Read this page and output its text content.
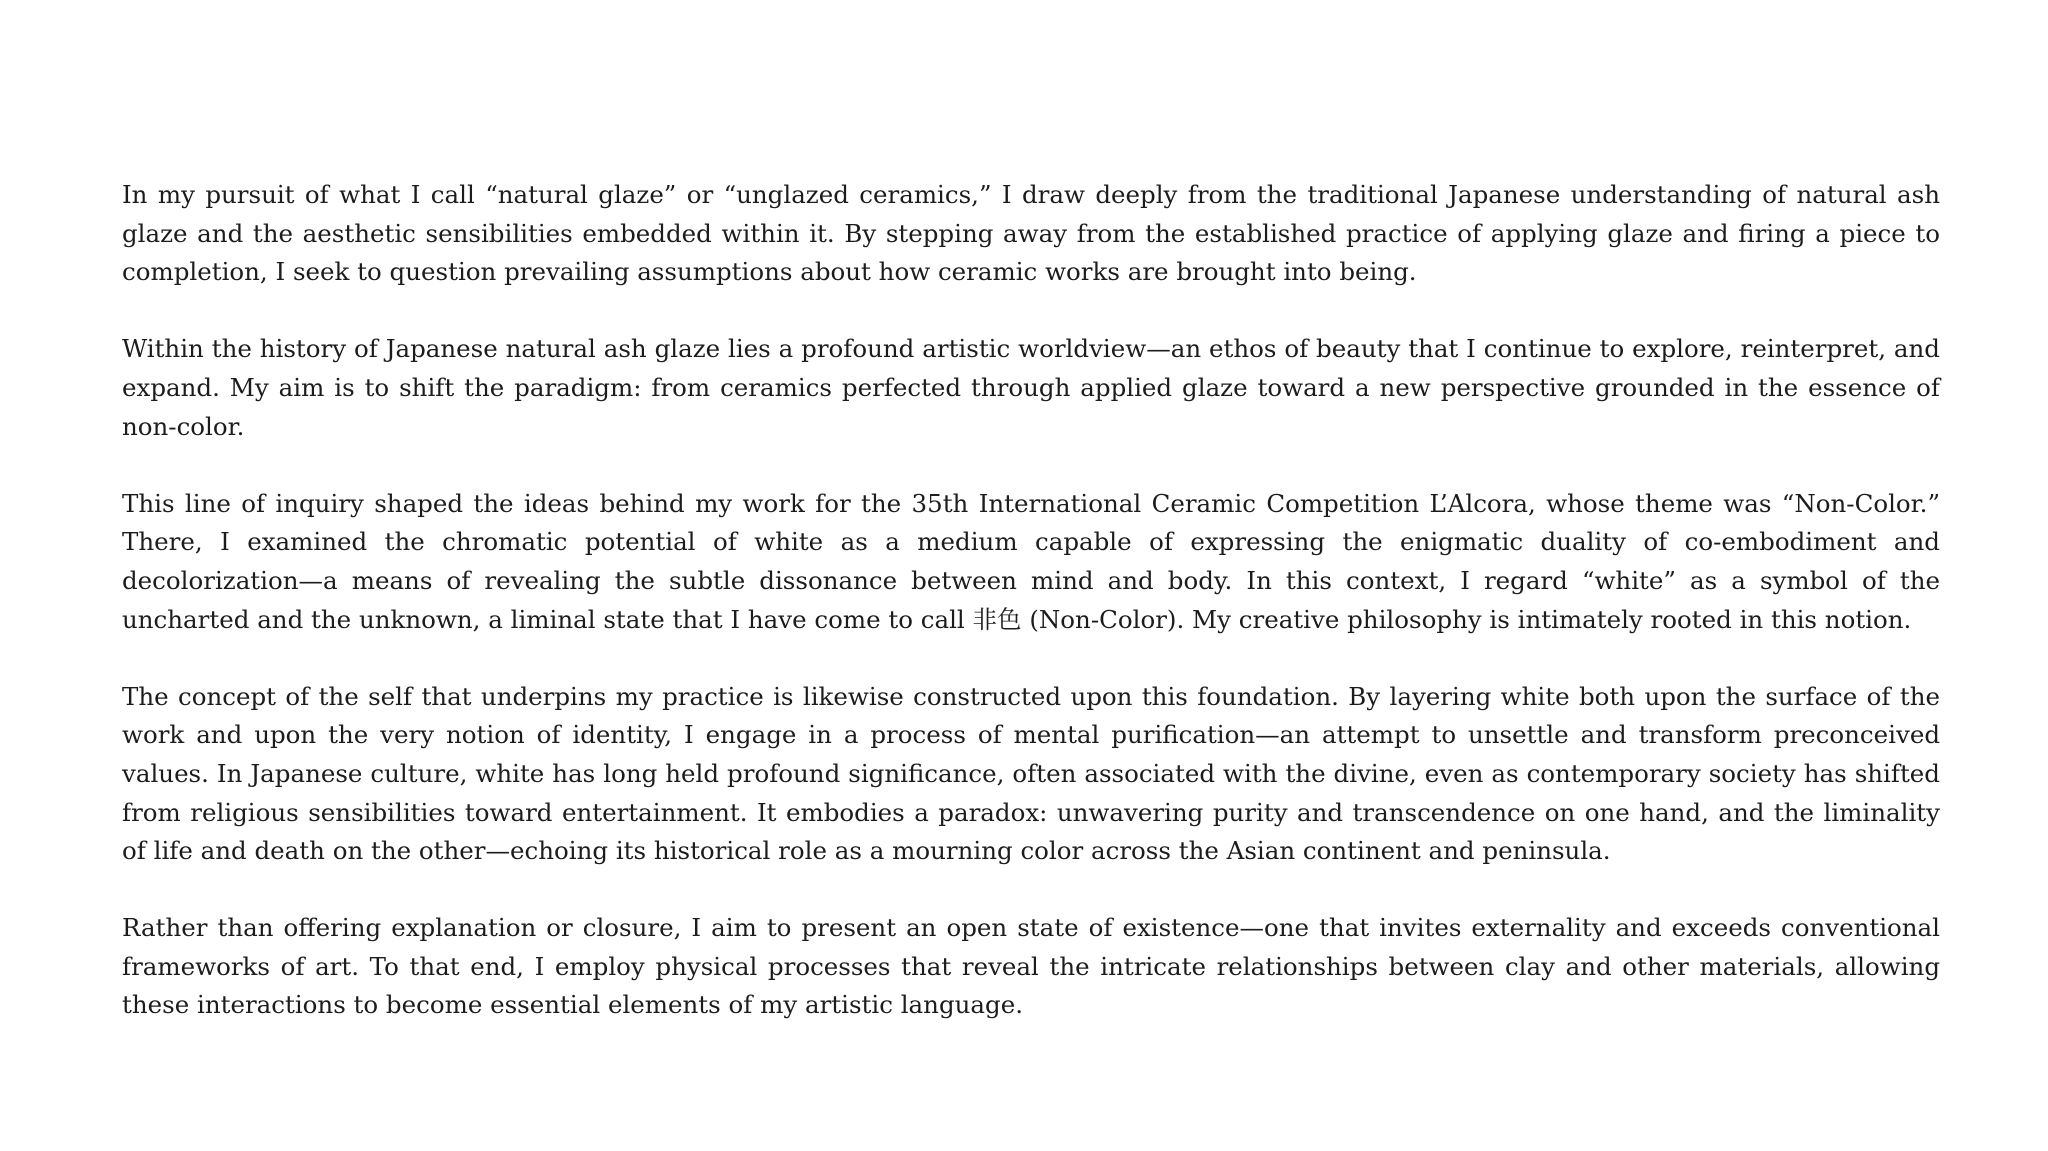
In my pursuit of what I call “natural glaze” or “unglazed ceramics,” I draw deeply from the traditional Japanese understanding of natural ash glaze and the aesthetic sensibilities embedded within it. By stepping away from the established practice of applying glaze and firing a piece to completion, I seek to question prevailing assumptions about how ceramic works are brought into being.

Within the history of Japanese natural ash glaze lies a profound artistic worldview—an ethos of beauty that I continue to explore, reinterpret, and expand. My aim is to shift the paradigm: from ceramics perfected through applied glaze toward a new perspective grounded in the essence of non-color.

This line of inquiry shaped the ideas behind my work for the 35th International Ceramic Competition L’Alcora, whose theme was “Non-Color.” There, I examined the chromatic potential of white as a medium capable of expressing the enigmatic duality of co-embodiment and decolorization—a means of revealing the subtle dissonance between mind and body. In this context, I regard “white” as a symbol of the uncharted and the unknown, a liminal state that I have come to call 非色 (Non-Color). My creative philosophy is intimately rooted in this notion.

The concept of the self that underpins my practice is likewise constructed upon this foundation. By layering white both upon the surface of the work and upon the very notion of identity, I engage in a process of mental purification—an attempt to unsettle and transform preconceived values. In Japanese culture, white has long held profound significance, often associated with the divine, even as contemporary society has shifted from religious sensibilities toward entertainment. It embodies a paradox: unwavering purity and transcendence on one hand, and the liminality of life and death on the other—echoing its historical role as a mourning color across the Asian continent and peninsula.

Rather than offering explanation or closure, I aim to present an open state of existence—one that invites externality and exceeds conventional frameworks of art. To that end, I employ physical processes that reveal the intricate relationships between clay and other materials, allowing these interactions to become essential elements of my artistic language.
